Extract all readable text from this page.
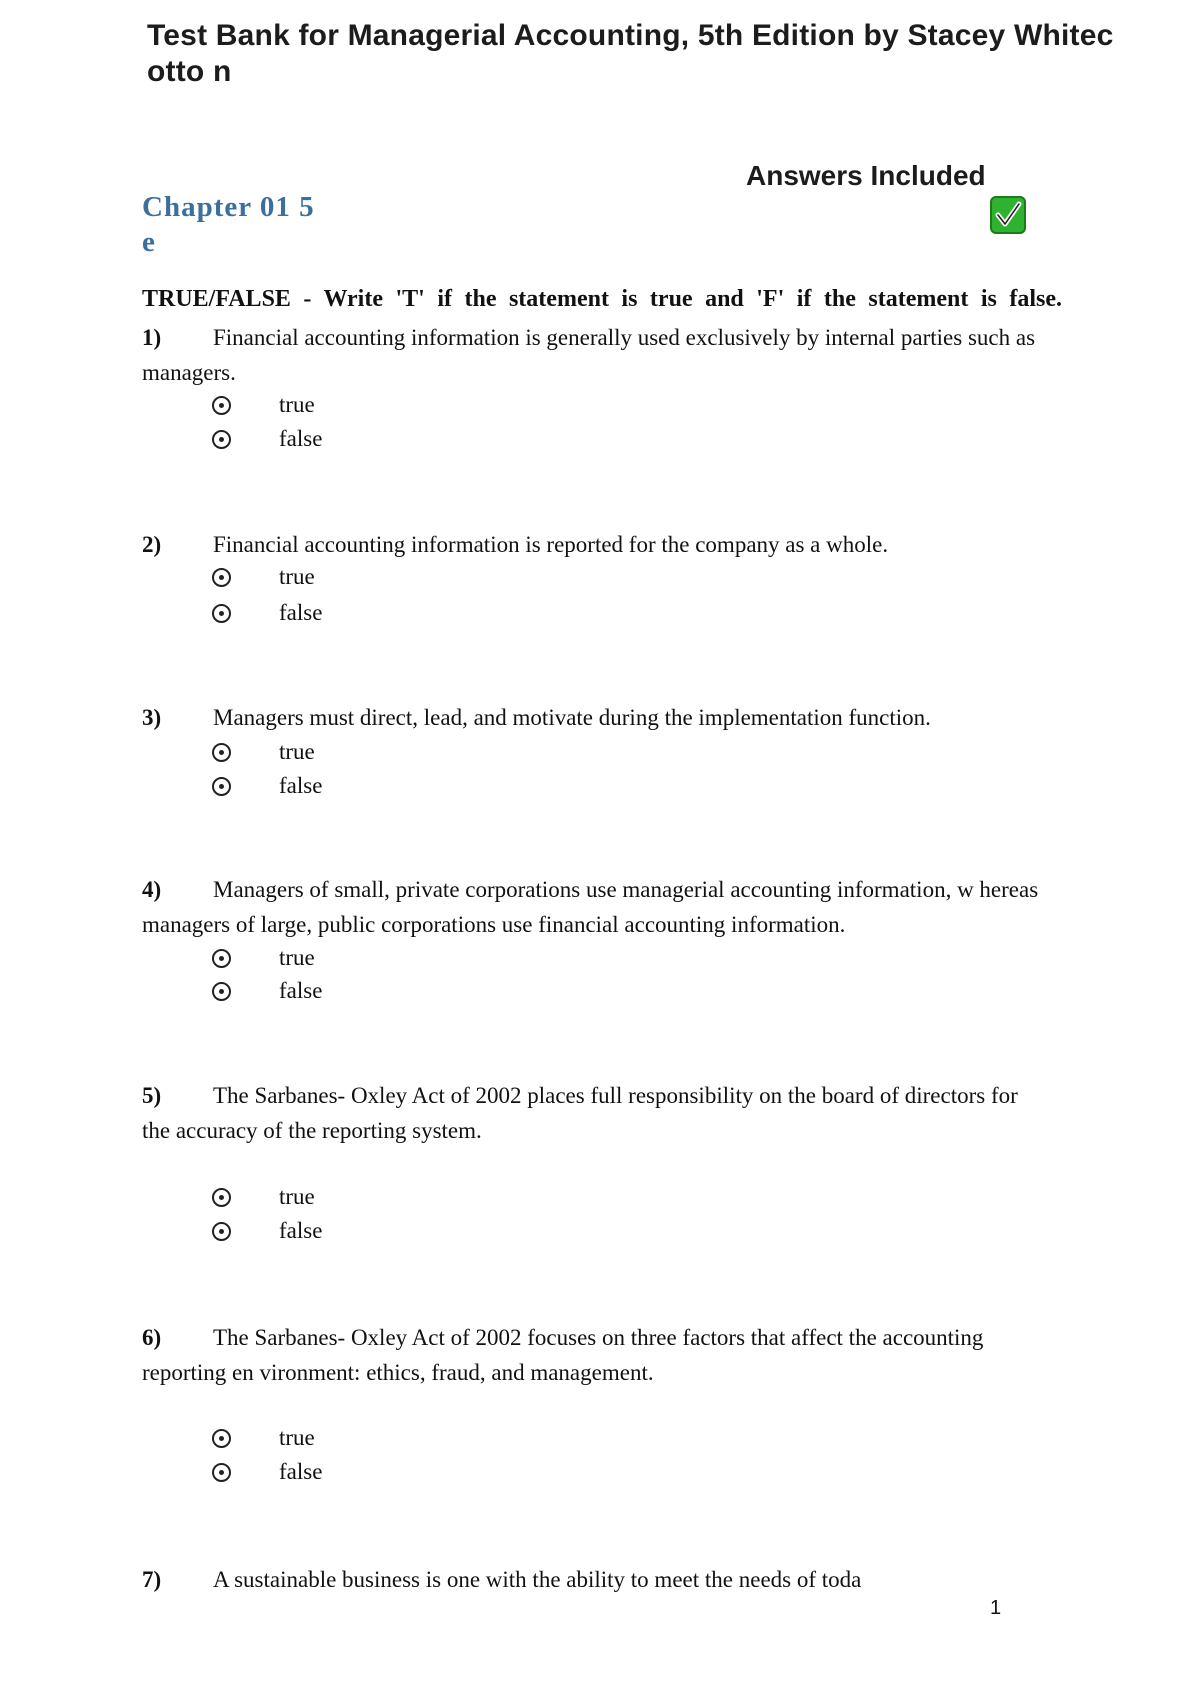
Test Bank for Managerial Accounting, 5th Edition by Stacey Whitecotto n
Answers Included
Chapter 01 5 e
TRUE/FALSE - Write 'T' if the statement is true and 'F' if the statement is false.
1) Financial accounting information is generally used exclusively by internal parties such as managers.
true
false
2) Financial accounting information is reported for the company as a whole.
true
false
3) Managers must direct, lead, and motivate during the implementation function.
true
false
4) Managers of small, private corporations use managerial accounting information, w hereas managers of large, public corporations use financial accounting information.
true
false
5) The Sarbanes- Oxley Act of 2002 places full responsibility on the board of directors for the accuracy of the reporting system.
true
false
6) The Sarbanes- Oxley Act of 2002 focuses on three factors that affect the accounting reporting en vironment: ethics, fraud, and management.
true
false
7) A sustainable business is one with the ability to meet the needs of toda
1
